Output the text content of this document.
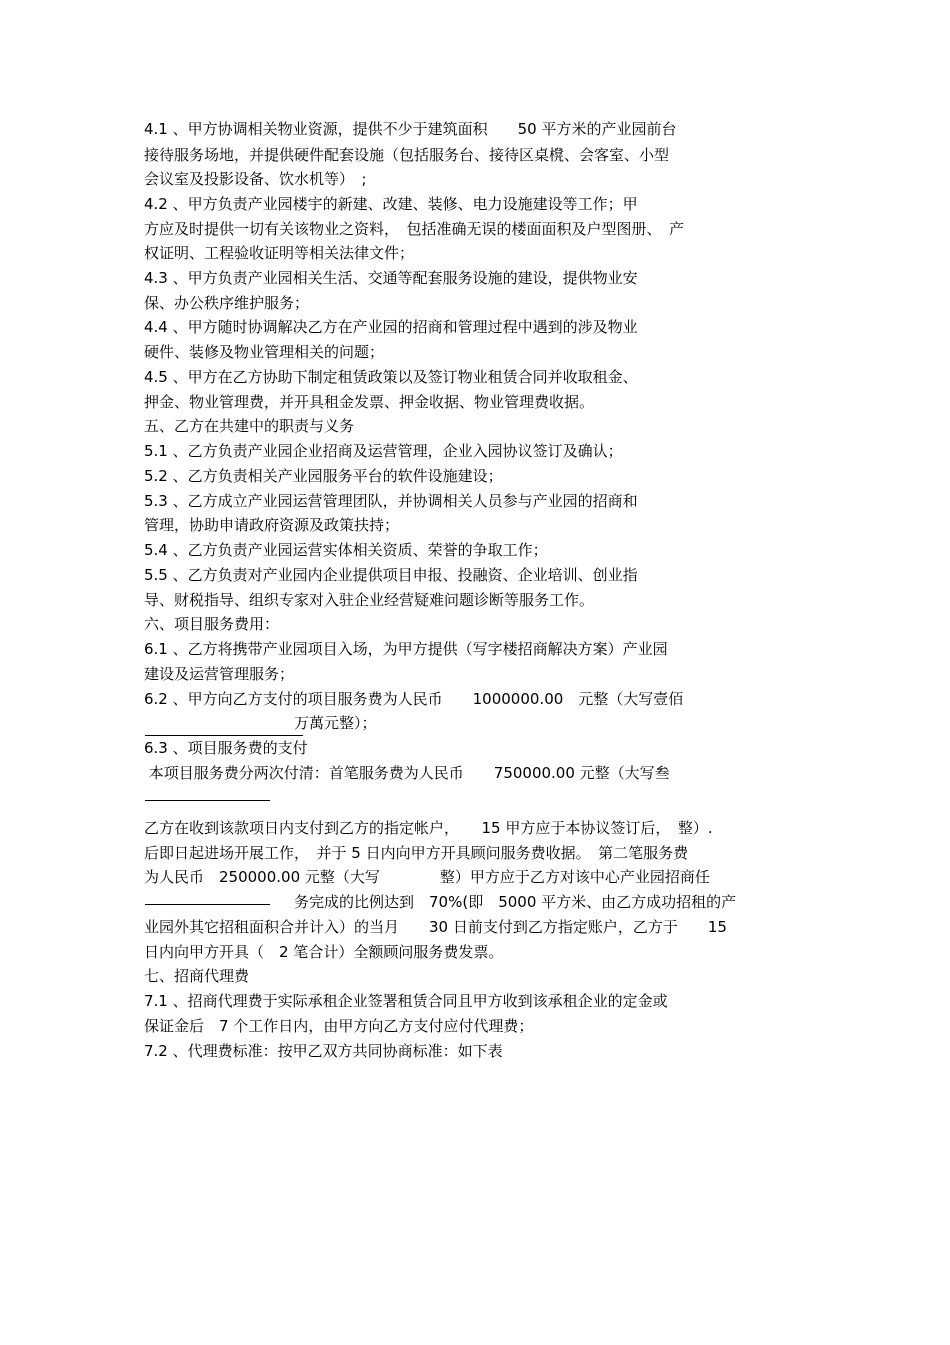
4.1 、甲方协调相关物业资源，提供不少于建筑面积　　50 平方米的产业园前台

接待服务场地，并提供硬件配套设施（包括服务台、接待区桌櫈、会客室、小型

会议室及投影设备、饮水机等）　;

4.2 、甲方负责产业园楼宇的新建、改建、装修、电力设施建设等工作；甲

方应及时提供一切有关该物业之资料，　包括准确无误的楼面面积及户型图册、　产

权证明、工程验收证明等相关法律文件；

4.3 、甲方负责产业园相关生活、交通等配套服务设施的建设，提供物业安

保、办公秩序维护服务；

4.4 、甲方随时协调解决乙方在产业园的招商和管理过程中遇到的涉及物业

硬件、装修及物业管理相关的问题；

4.5 、甲方在乙方协助下制定租赁政策以及签订物业租赁合同并收取租金、

押金、物业管理费，并开具租金发票、押金收据、物业管理费收据。

五、乙方在共建中的职责与义务

5.1 、乙方负责产业园企业招商及运营管理，企业入园协议签订及确认；

5.2 、乙方负责相关产业园服务平台的软件设施建设；

5.3 、乙方成立产业园运营管理团队，并协调相关人员参与产业园的招商和

管理，协助申请政府资源及政策扶持；

5.4 、乙方负责产业园运营实体相关资质、荣誉的争取工作；

5.5 、乙方负责对产业园内企业提供项目申报、投融资、企业培训、创业指

导、财税指导、组织专家对入驻企业经营疑难问题诊断等服务工作。

六、项目服务费用：

6.1 、乙方将携带产业园项目入场，为甲方提供（写字楼招商解决方案）产业园

建设及运营管理服务；

6.2 、甲方向乙方支付的项目服务费为人民币　　1000000.00　元整（大写壹佰

　　　　　　　　　　万萬元整）；

6.3 、项目服务费的支付

本项目服务费分两次付清：首笔服务费为人民币　　750000.00 元整（大写叁

乙方在收到该款项日内支付到乙方的指定帐户，　　15 甲方应于本协议签订后，　整）.

后即日起进场开展工作，　并于 5 日内向甲方开具顾问服务费收据。　第二笔服务费

为人民币　250000.00 元整（大写　　　　整）甲方应于乙方对该中心产业园招商任

　　　　　　　　　　务完成的比例达到　70%(即　5000 平方米、由乙方成功招租的产

业园外其它招租面积合并计入）的当月　　30 日前支付到乙方指定账户，乙方于　　15

日内向甲方开具（　2 笔合计）全额顾问服务费发票。

七、招商代理费

7.1 、招商代理费于实际承租企业签署租赁合同且甲方收到该承租企业的定金或

保证金后　7 个工作日内，由甲方向乙方支付应付代理费；

7.2 、代理费标准：按甲乙双方共同协商标准：如下表
